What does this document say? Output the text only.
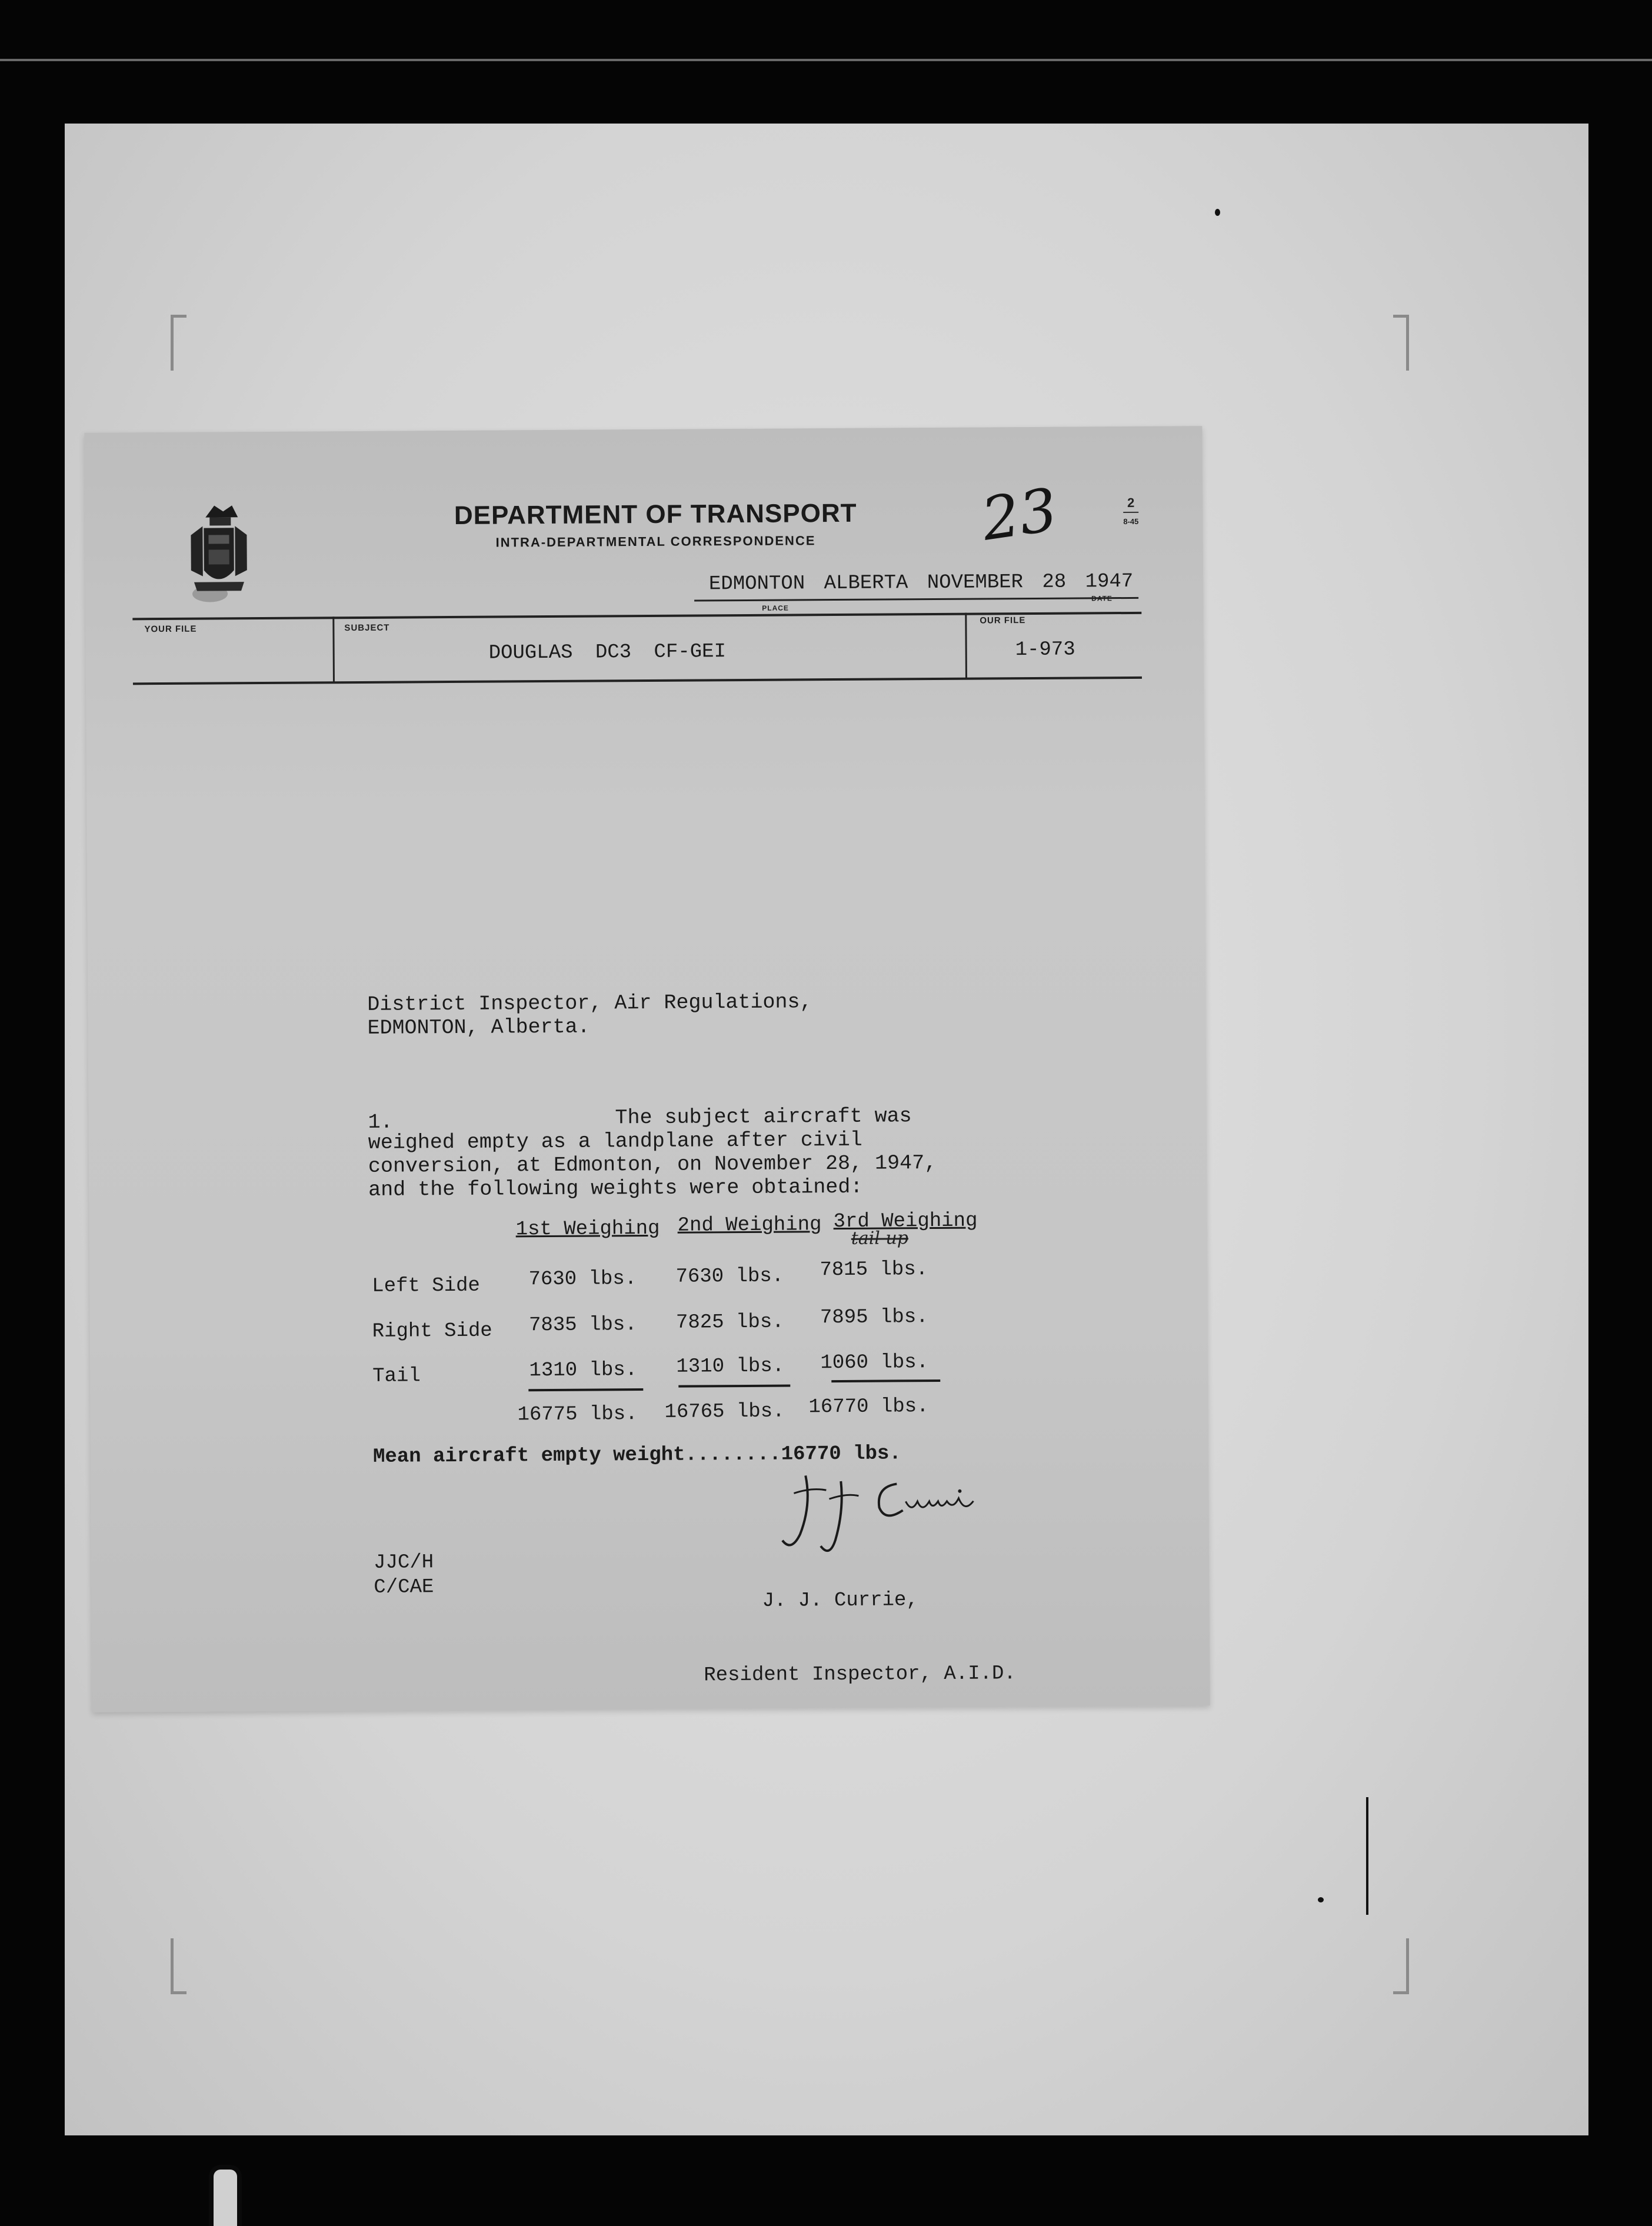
DEPARTMENT OF TRANSPORT
INTRA-DEPARTMENTAL CORRESPONDENCE	23	2
8-45
EDMONTON ALBERTA NOVEMBER 28 1947
PLACE
DATE
YOUR FILE	SUBJECT
DOUGLAS DC3 CF-GEI
OUR FILE
1-973
District Inspector, Air Regulations,
EDMONTON, Alberta.
1.	The subject aircraft was
weighed empty as a landplane after civil
conversion, at Edmonton, on November 28, 1947,
and the following weights were obtained:
1st Weighing 2nd Weighing 3rd Weighing
tail up
Left Side	7630 lbs.	7630 lbs.	7815 lbs.
Right Side	7835 lbs.	7825 lbs.	7895 lbs.
Tail	1310 lbs.	1310 lbs.	1060 lbs.
16775 lbs.	16765 lbs.	16770 lbs.
Mean aircraft empty weight........16770 lbs.

J. J. Currie,

Resident Inspector, A.I.D.

JJC/H
C/CAE
